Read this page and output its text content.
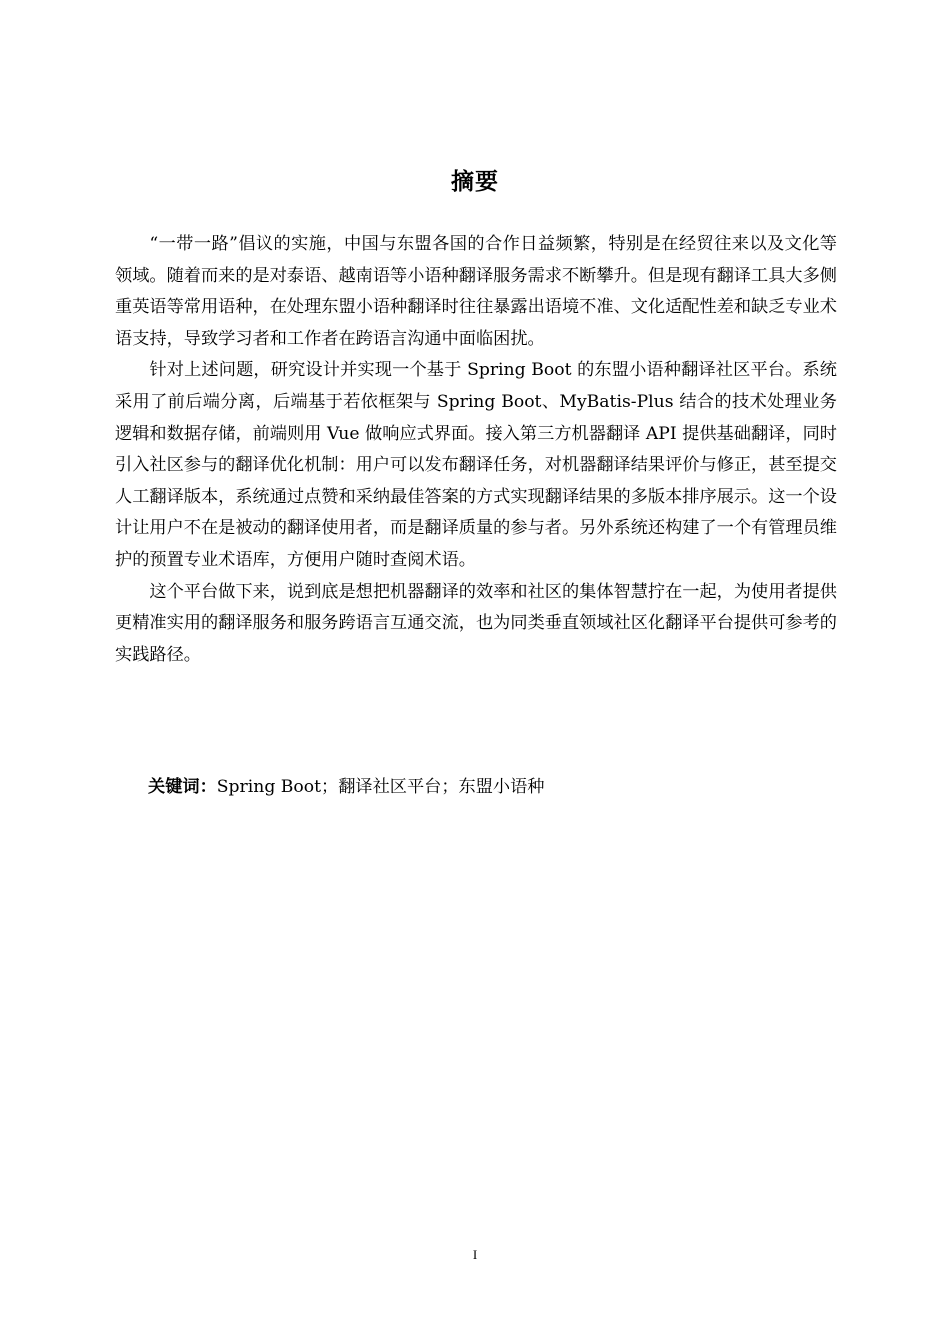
摘要

“一带一路”倡议的实施，中国与东盟各国的合作日益频繁，特别是在经贸往来以及文化等领域。随着而来的是对泰语、越南语等小语种翻译服务需求不断攀升。但是现有翻译工具大多侧重英语等常用语种，在处理东盟小语种翻译时往往暴露出语境不准、文化适配性差和缺乏专业术语支持，导致学习者和工作者在跨语言沟通中面临困扰。

针对上述问题，研究设计并实现一个基于 Spring Boot 的东盟小语种翻译社区平台。系统采用了前后端分离，后端基于若依框架与 Spring Boot、MyBatis-Plus 结合的技术处理业务逻辑和数据存储，前端则用 Vue 做响应式界面。接入第三方机器翻译 API 提供基础翻译，同时引入社区参与的翻译优化机制：用户可以发布翻译任务，对机器翻译结果评价与修正，甚至提交人工翻译版本，系统通过点赞和采纳最佳答案的方式实现翻译结果的多版本排序展示。这一个设计让用户不在是被动的翻译使用者，而是翻译质量的参与者。另外系统还构建了一个有管理员维护的预置专业术语库，方便用户随时查阅术语。

这个平台做下来，说到底是想把机器翻译的效率和社区的集体智慧拧在一起，为使用者提供更精准实用的翻译服务和服务跨语言互通交流，也为同类垂直领域社区化翻译平台提供可参考的实践路径。

关键词：Spring Boot；翻译社区平台；东盟小语种
I
